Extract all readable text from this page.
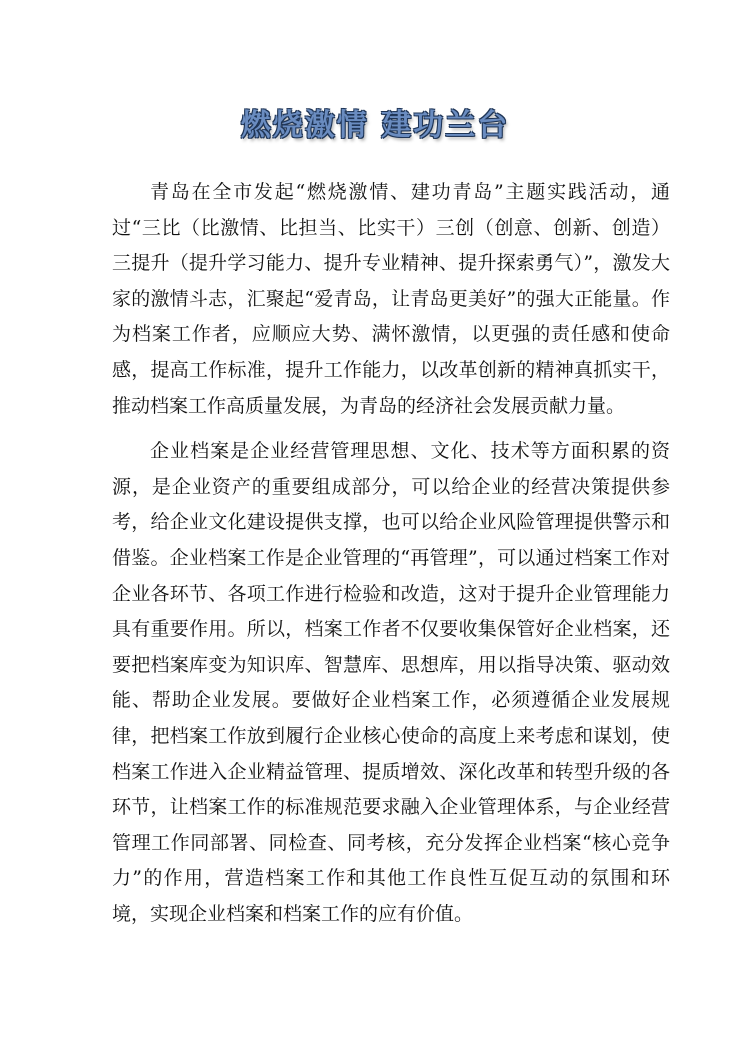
燃烧激情 建功兰台

青岛在全市发起“燃烧激情、建功青岛”主题实践活动，通过“三比（比激情、比担当、比实干）三创（创意、创新、创造）三提升（提升学习能力、提升专业精神、提升探索勇气）”，激发大家的激情斗志，汇聚起“爱青岛，让青岛更美好”的强大正能量。作为档案工作者，应顺应大势、满怀激情，以更强的责任感和使命感，提高工作标准，提升工作能力，以改革创新的精神真抓实干，推动档案工作高质量发展，为青岛的经济社会发展贡献力量。

企业档案是企业经营管理思想、文化、技术等方面积累的资源，是企业资产的重要组成部分，可以给企业的经营决策提供参考，给企业文化建设提供支撑，也可以给企业风险管理提供警示和借鉴。企业档案工作是企业管理的“再管理”，可以通过档案工作对企业各环节、各项工作进行检验和改造，这对于提升企业管理能力具有重要作用。所以，档案工作者不仅要收集保管好企业档案，还要把档案库变为知识库、智慧库、思想库，用以指导决策、驱动效能、帮助企业发展。要做好企业档案工作，必须遵循企业发展规律，把档案工作放到履行企业核心使命的高度上来考虑和谋划，使档案工作进入企业精益管理、提质增效、深化改革和转型升级的各环节，让档案工作的标准规范要求融入企业管理体系，与企业经营管理工作同部署、同检查、同考核，充分发挥企业档案“核心竞争力”的作用，营造档案工作和其他工作良性互促互动的氛围和环境，实现企业档案和档案工作的应有价值。
